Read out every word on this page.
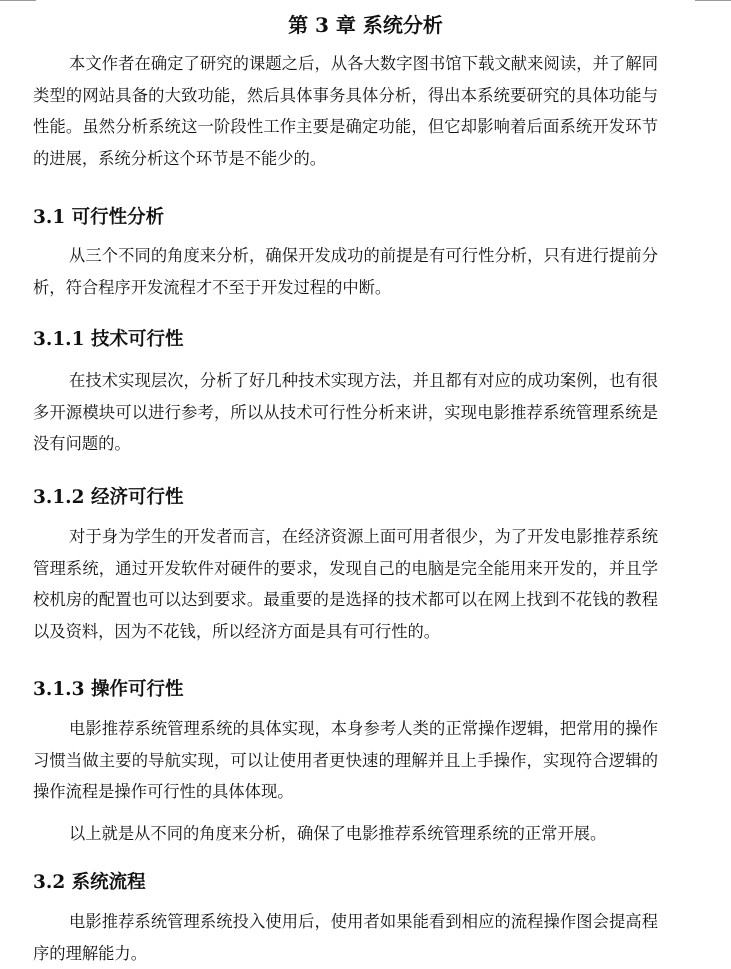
第 3 章 系统分析

本文作者在确定了研究的课题之后，从各大数字图书馆下载文献来阅读，并了解同类型的网站具备的大致功能，然后具体事务具体分析，得出本系统要研究的具体功能与性能。虽然分析系统这一阶段性工作主要是确定功能，但它却影响着后面系统开发环节的进展，系统分析这个环节是不能少的。

3.1 可行性分析

从三个不同的角度来分析，确保开发成功的前提是有可行性分析，只有进行提前分析，符合程序开发流程才不至于开发过程的中断。

3.1.1 技术可行性

在技术实现层次，分析了好几种技术实现方法，并且都有对应的成功案例，也有很多开源模块可以进行参考，所以从技术可行性分析来讲，实现电影推荐系统管理系统是没有问题的。

3.1.2 经济可行性

对于身为学生的开发者而言，在经济资源上面可用者很少，为了开发电影推荐系统管理系统，通过开发软件对硬件的要求，发现自己的电脑是完全能用来开发的，并且学校机房的配置也可以达到要求。最重要的是选择的技术都可以在网上找到不花钱的教程以及资料，因为不花钱，所以经济方面是具有可行性的。

3.1.3 操作可行性

电影推荐系统管理系统的具体实现，本身参考人类的正常操作逻辑，把常用的操作习惯当做主要的导航实现，可以让使用者更快速的理解并且上手操作，实现符合逻辑的操作流程是操作可行性的具体体现。

以上就是从不同的角度来分析，确保了电影推荐系统管理系统的正常开展。

3.2 系统流程

电影推荐系统管理系统投入使用后，使用者如果能看到相应的流程操作图会提高程序的理解能力。
